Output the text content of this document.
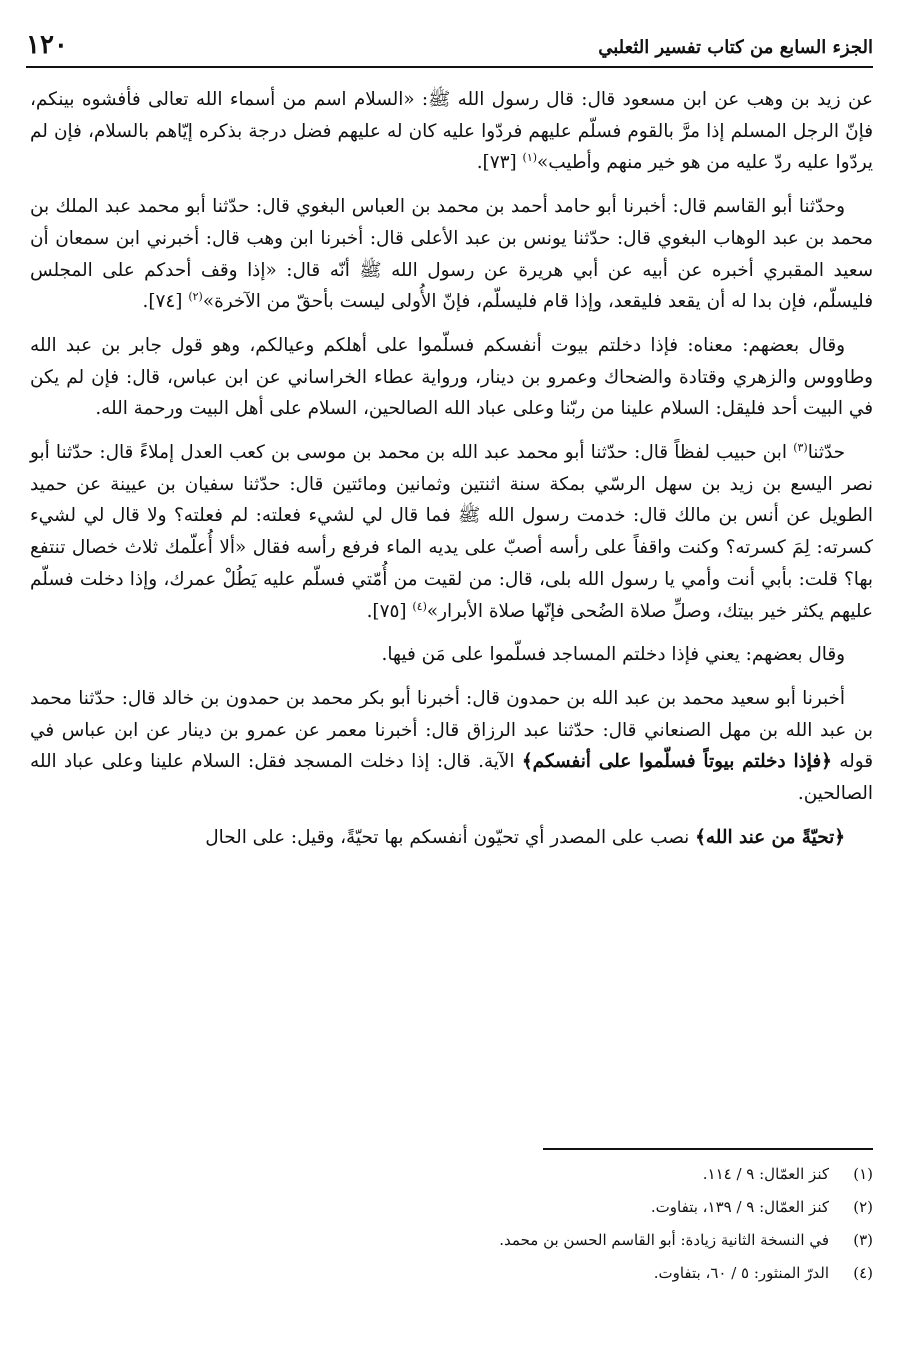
الجزء السابع من كتاب تفسير الثعلبي
١٢٠

عن زيد بن وهب عن ابن مسعود قال: قال رسول الله ﷺ: «السلام اسم من أسماء الله تعالى فأفشوه بينكم، فإنّ الرجل المسلم إذا مرَّ بالقوم فسلّم عليهم فردّوا عليه كان له عليهم فضل درجة بذكره إيّاهم بالسلام، فإن لم يردّوا عليه ردّ عليه من هو خير منهم وأطيب»$^{(١)}$ [٧٣].

وحدّثنا أبو القاسم قال: أخبرنا أبو حامد أحمد بن محمد بن العباس البغوي قال: حدّثنا أبو محمد عبد الملك بن محمد بن عبد الوهاب البغوي قال: حدّثنا يونس بن عبد الأعلى قال: أخبرنا ابن وهب قال: أخبرني ابن سمعان أن سعيد المقبري أخبره عن أبيه عن أبي هريرة عن رسول الله ﷺ أنّه قال: «إذا وقف أحدكم على المجلس فليسلّم، فإن بدا له أن يقعد فليقعد، وإذا قام فليسلّم، فإنّ الأُولى ليست بأحقّ من الآخرة»$^{(٢)}$ [٧٤].

وقال بعضهم: معناه: فإذا دخلتم بيوت أنفسكم فسلّموا على أهلكم وعيالكم، وهو قول جابر بن عبد الله وطاووس والزهري وقتادة والضحاك وعمرو بن دينار، ورواية عطاء الخراساني عن ابن عباس، قال: فإن لم يكن في البيت أحد فليقل: السلام علينا من ربّنا وعلى عباد الله الصالحين، السلام على أهل البيت ورحمة الله.

حدّثنا$^{(٣)}$ ابن حبيب لفظاً قال: حدّثنا أبو محمد عبد الله بن محمد بن موسى بن كعب العدل إملاءً قال: حدّثنا أبو نصر اليسع بن زيد بن سهل الرسّي بمكة سنة اثنتين وثمانين ومائتين قال: حدّثنا سفيان بن عيينة عن حميد الطويل عن أنس بن مالك قال: خدمت رسول الله ﷺ فما قال لي لشيء فعلته: لم فعلته؟ ولا قال لي لشيء كسرته: لِمَ كسرته؟ وكنت واقفاً على رأسه أصبّ على يديه الماء فرفع رأسه فقال «ألا أُعلّمك ثلاث خصال تنتفع بها؟ قلت: بأبي أنت وأمي يا رسول الله بلى، قال: من لقيت من أُمّتي فسلّم عليه يَطُلْ عمرك، وإذا دخلت فسلّم عليهم يكثر خير بيتك، وصلِّ صلاة الضُحى فإنّها صلاة الأبرار»$^{(٤)}$ [٧٥].

وقال بعضهم: يعني فإذا دخلتم المساجد فسلّموا على مَن فيها.

أخبرنا أبو سعيد محمد بن عبد الله بن حمدون قال: أخبرنا أبو بكر محمد بن حمدون بن خالد قال: حدّثنا محمد بن عبد الله بن مهل الصنعاني قال: حدّثنا عبد الرزاق قال: أخبرنا معمر عن عمرو بن دينار عن ابن عباس في قوله ﴿فإذا دخلتم بيوتاً فسلّموا على أنفسكم﴾ الآية. قال: إذا دخلت المسجد فقل: السلام علينا وعلى عباد الله الصالحين.

﴿تحيّةً من عند الله﴾ نصب على المصدر أي تحيّون أنفسكم بها تحيّةً، وقيل: على الحال

(١)
كنز العمّال: ٩ / ١١٤.
(٢)
كنز العمّال: ٩ / ١٣٩، بتفاوت.
(٣)
في النسخة الثانية زيادة: أبو القاسم الحسن بن محمد.
(٤)
الدرّ المنثور: ٥ / ٦٠، بتفاوت.
